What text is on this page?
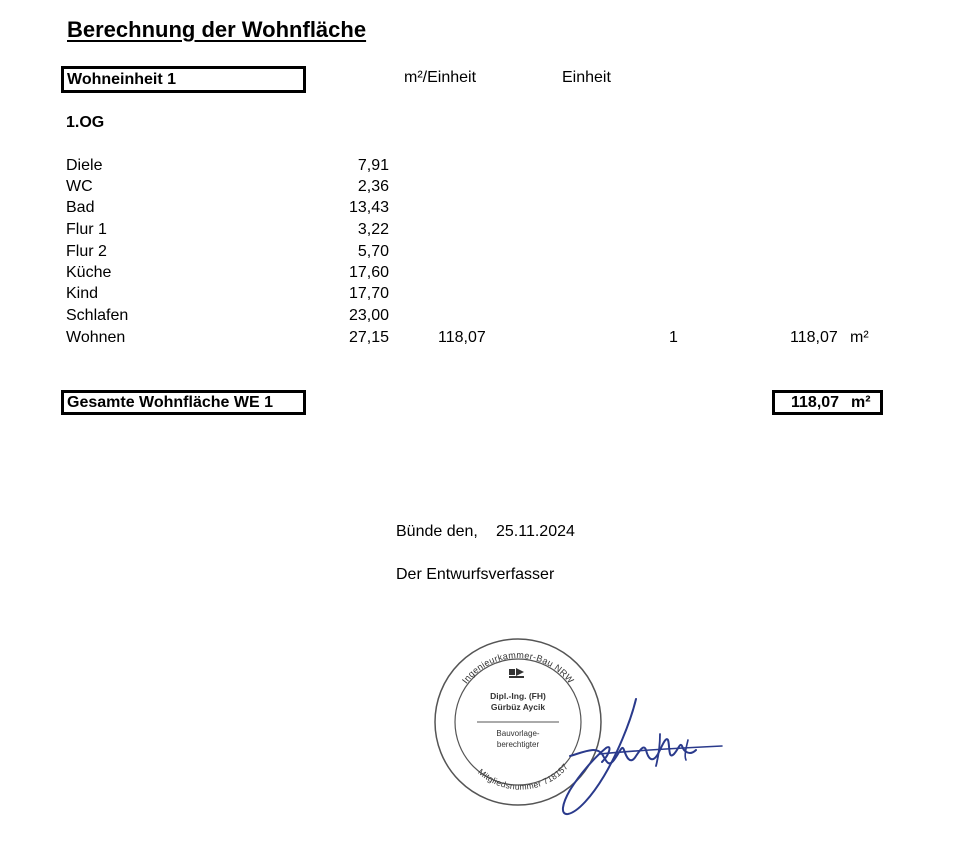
Berechnung der Wohnfläche
Wohneinheit 1	m²/Einheit	Einheit
1.OG
Diele	7,91
WC	2,36
Bad	13,43
Flur 1	3,22
Flur 2	5,70
Küche	17,60
Kind	17,70
Schlafen	23,00
Wohnen	27,15	118,07	1	118,07 m²
Gesamte Wohnfläche WE 1	118,07 m²
Bünde den, 25.11.2024
Der Entwurfsverfasser
Ingenieurkammer-Bau NRW
Dipl.-Ing. (FH)
Gürbüz Aycik
Bauvorlage-
berechtigter
Mitgliedsnummer 718157
